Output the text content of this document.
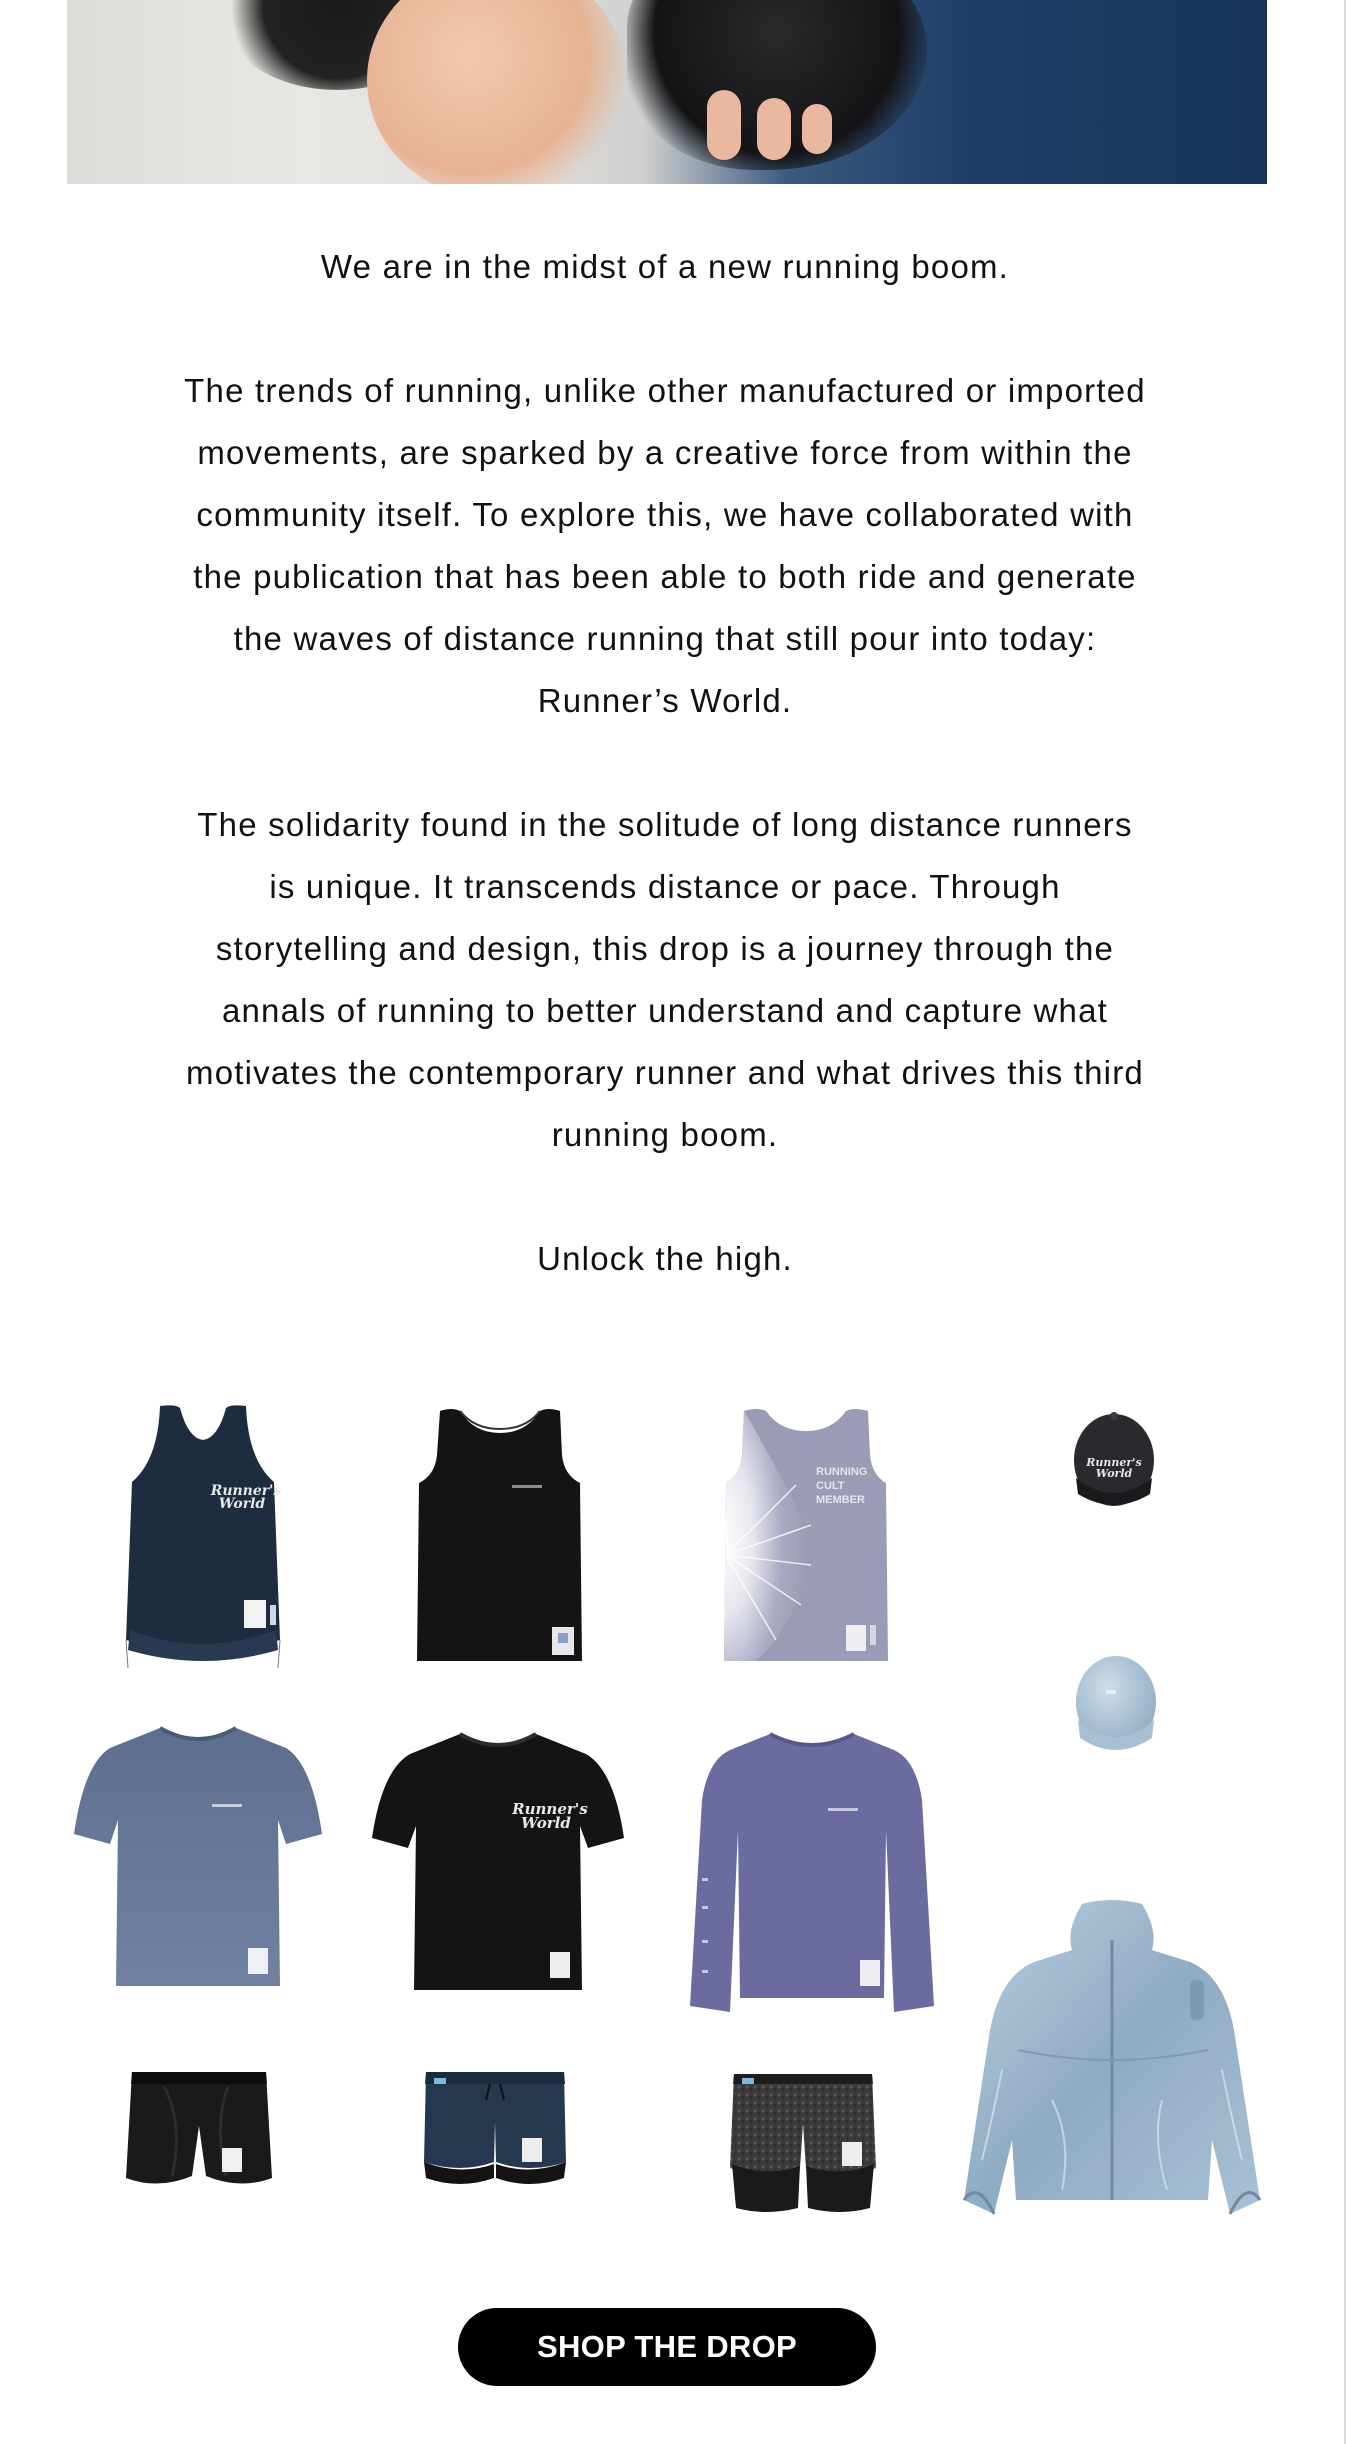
We are in the midst of a new running boom.

The trends of running, unlike other manufactured or imported movements, are sparked by a creative force from within the community itself. To explore this, we have collaborated with the publication that has been able to both ride and generate the waves of distance running that still pour into today: Runner’s World.

The solidarity found in the solitude of long distance runners is unique. It transcends distance or pace. Through storytelling and design, this drop is a journey through the annals of running to better understand and capture what motivates the contemporary runner and what drives this third running boom.

Unlock the high.

Runner's
World
RUNNING
CULT
MEMBER
Runner's
World
Runner's
World
SHOP THE DROP
